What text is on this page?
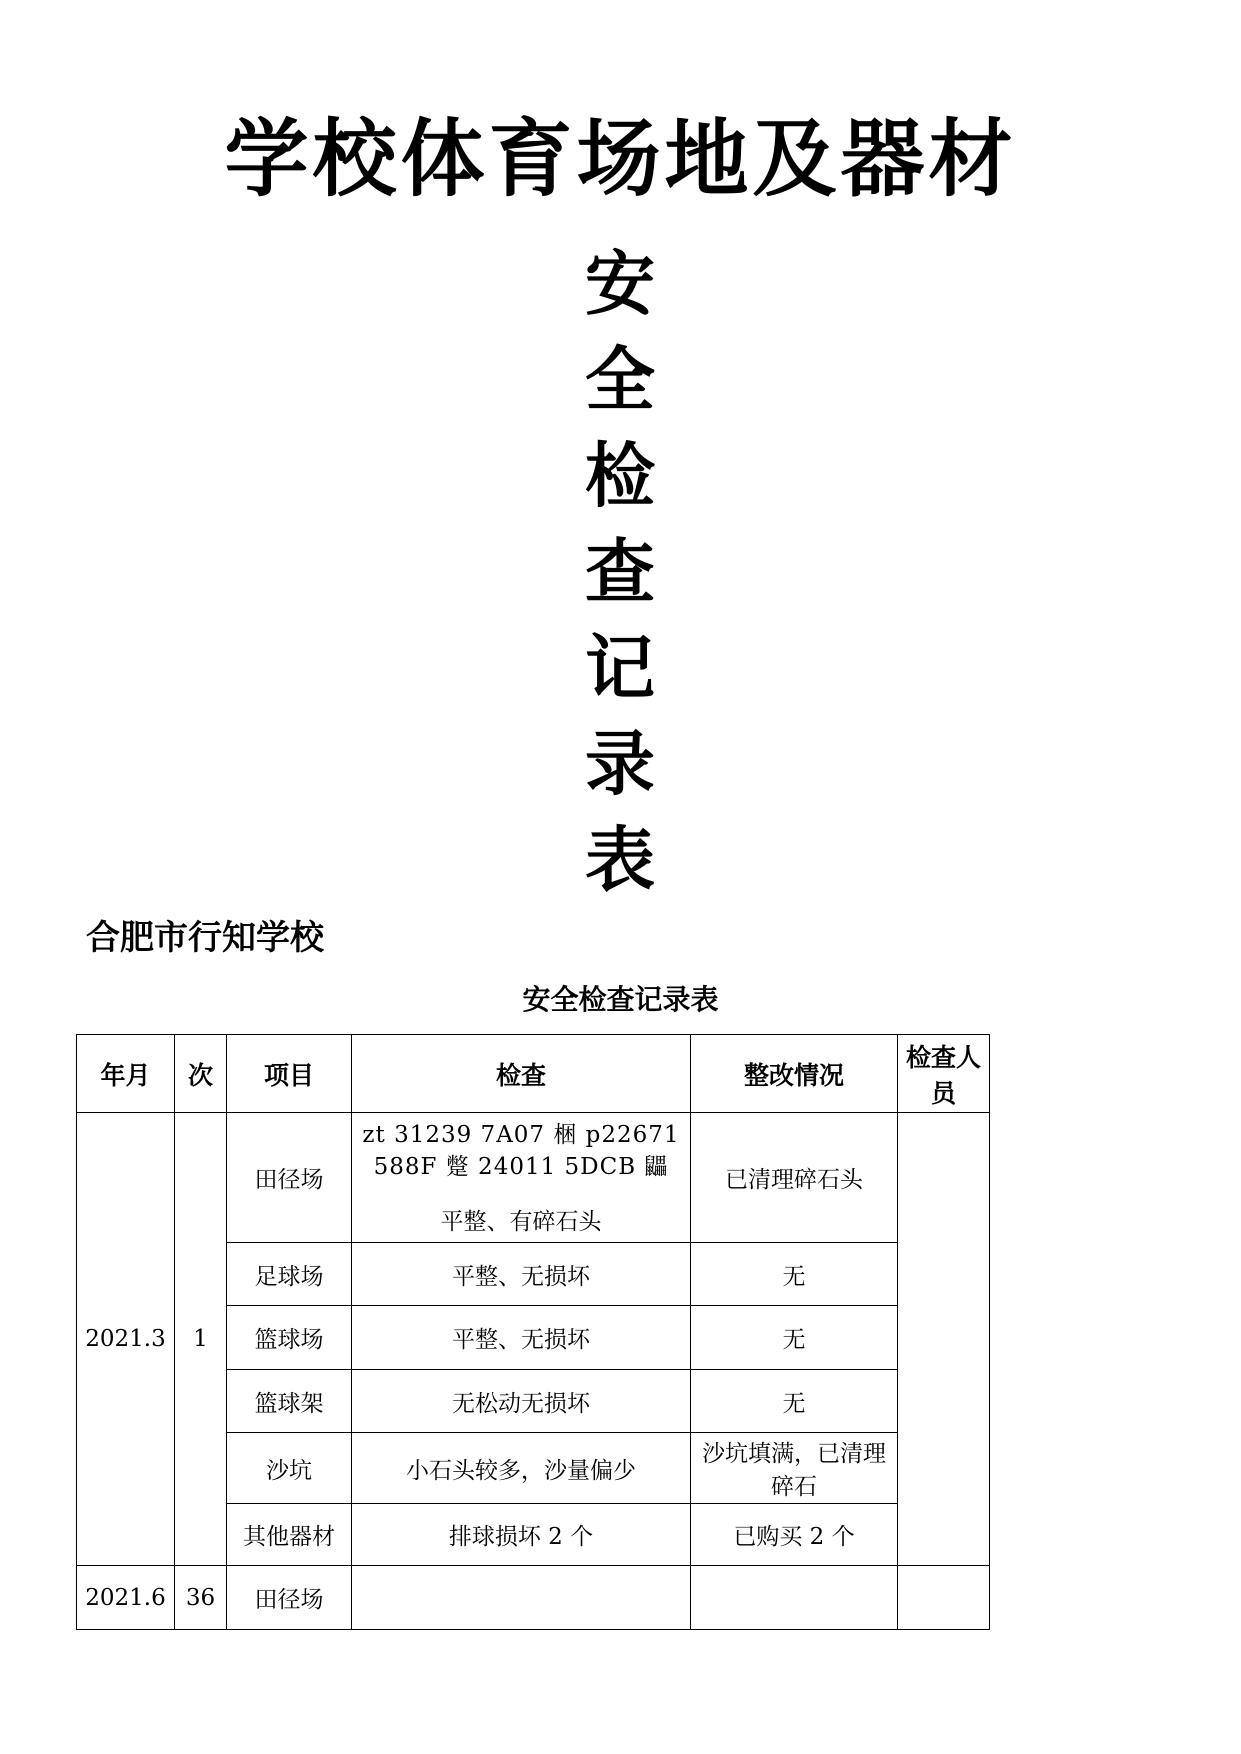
学校体育场地及器材
安
全
检
查
记
录
表
合肥市行知学校
安全检查记录表
年月	次	项目	检查	整改情况	检查人员
2021.3	1	田径场	zt 31239 7A07 梱 p22671
588F 蹩 24011 5DCB 鼺
平整、有碎石头	已清理碎石头	
		足球场	平整、无损坏	无	
		篮球场	平整、无损坏	无	
		篮球架	无松动无损坏	无	
		沙坑	小石头较多，沙量偏少	沙坑填满，已清理碎石	
		其他器材	排球损坏 2 个	已购买 2 个	
2021.6	36	田径场			
